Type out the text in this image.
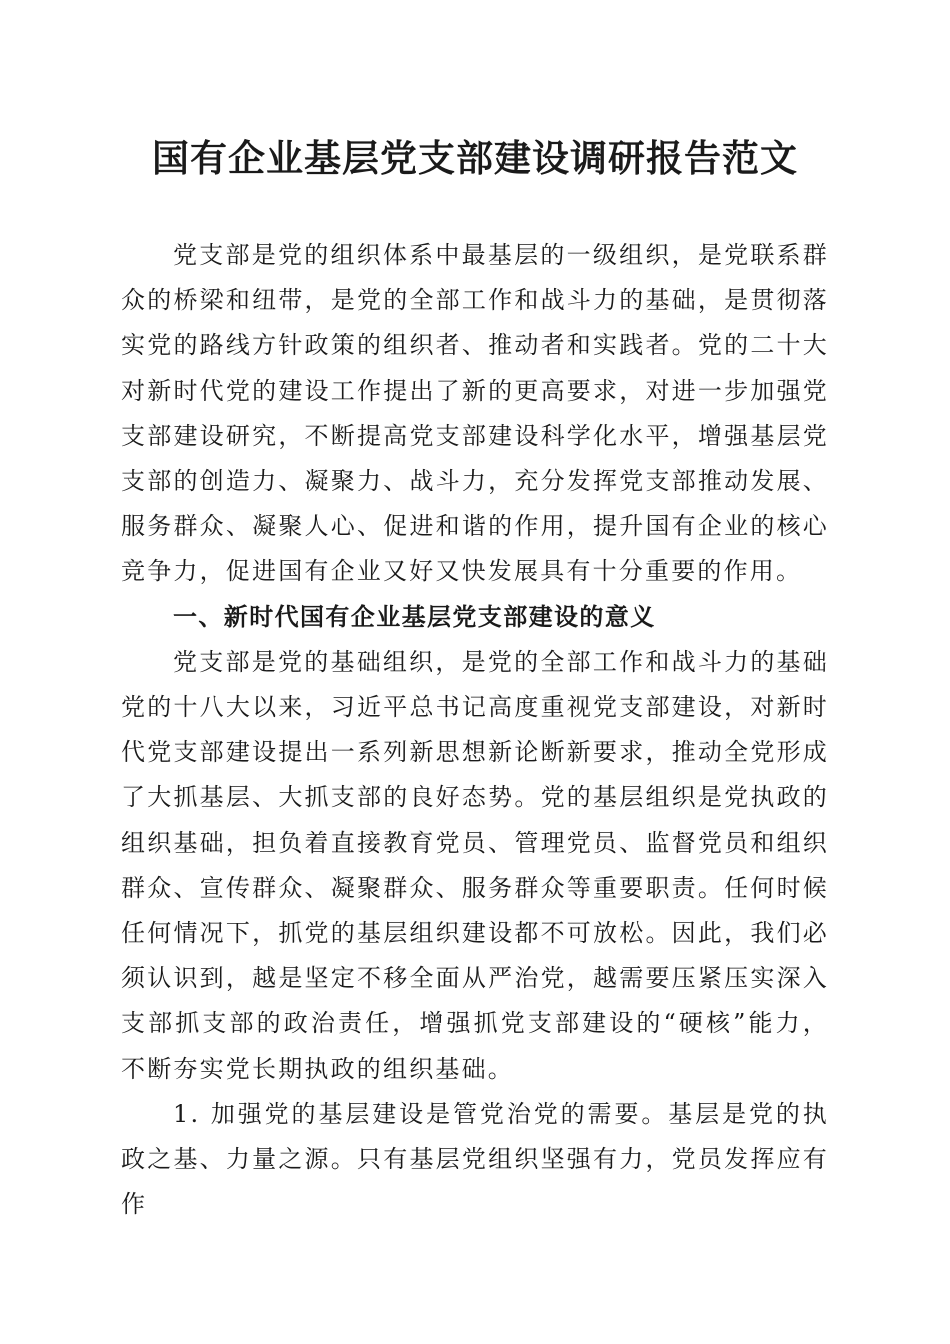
国有企业基层党支部建设调研报告范文

党支部是党的组织体系中最基层的一级组织，是党联系群众的桥梁和纽带，是党的全部工作和战斗力的基础，是贯彻落实党的路线方针政策的组织者、推动者和实践者。党的二十大对新时代党的建设工作提出了新的更高要求，对进一步加强党支部建设研究，不断提高党支部建设科学化水平，增强基层党支部的创造力、凝聚力、战斗力，充分发挥党支部推动发展、服务群众、凝聚人心、促进和谐的作用，提升国有企业的核心竞争力，促进国有企业又好又快发展具有十分重要的作用。

一、新时代国有企业基层党支部建设的意义

党支部是党的基础组织，是党的全部工作和战斗力的基础党的十八大以来，习近平总书记高度重视党支部建设，对新时代党支部建设提出一系列新思想新论断新要求，推动全党形成了大抓基层、大抓支部的良好态势。党的基层组织是党执政的组织基础，担负着直接教育党员、管理党员、监督党员和组织群众、宣传群众、凝聚群众、服务群众等重要职责。任何时候任何情况下，抓党的基层组织建设都不可放松。因此，我们必须认识到，越是坚定不移全面从严治党，越需要压紧压实深入支部抓支部的政治责任，增强抓党支部建设的“硬核”能力，不断夯实党长期执政的组织基础。

1. 加强党的基层建设是管党治党的需要。基层是党的执政之基、力量之源。只有基层党组织坚强有力，党员发挥应有作
